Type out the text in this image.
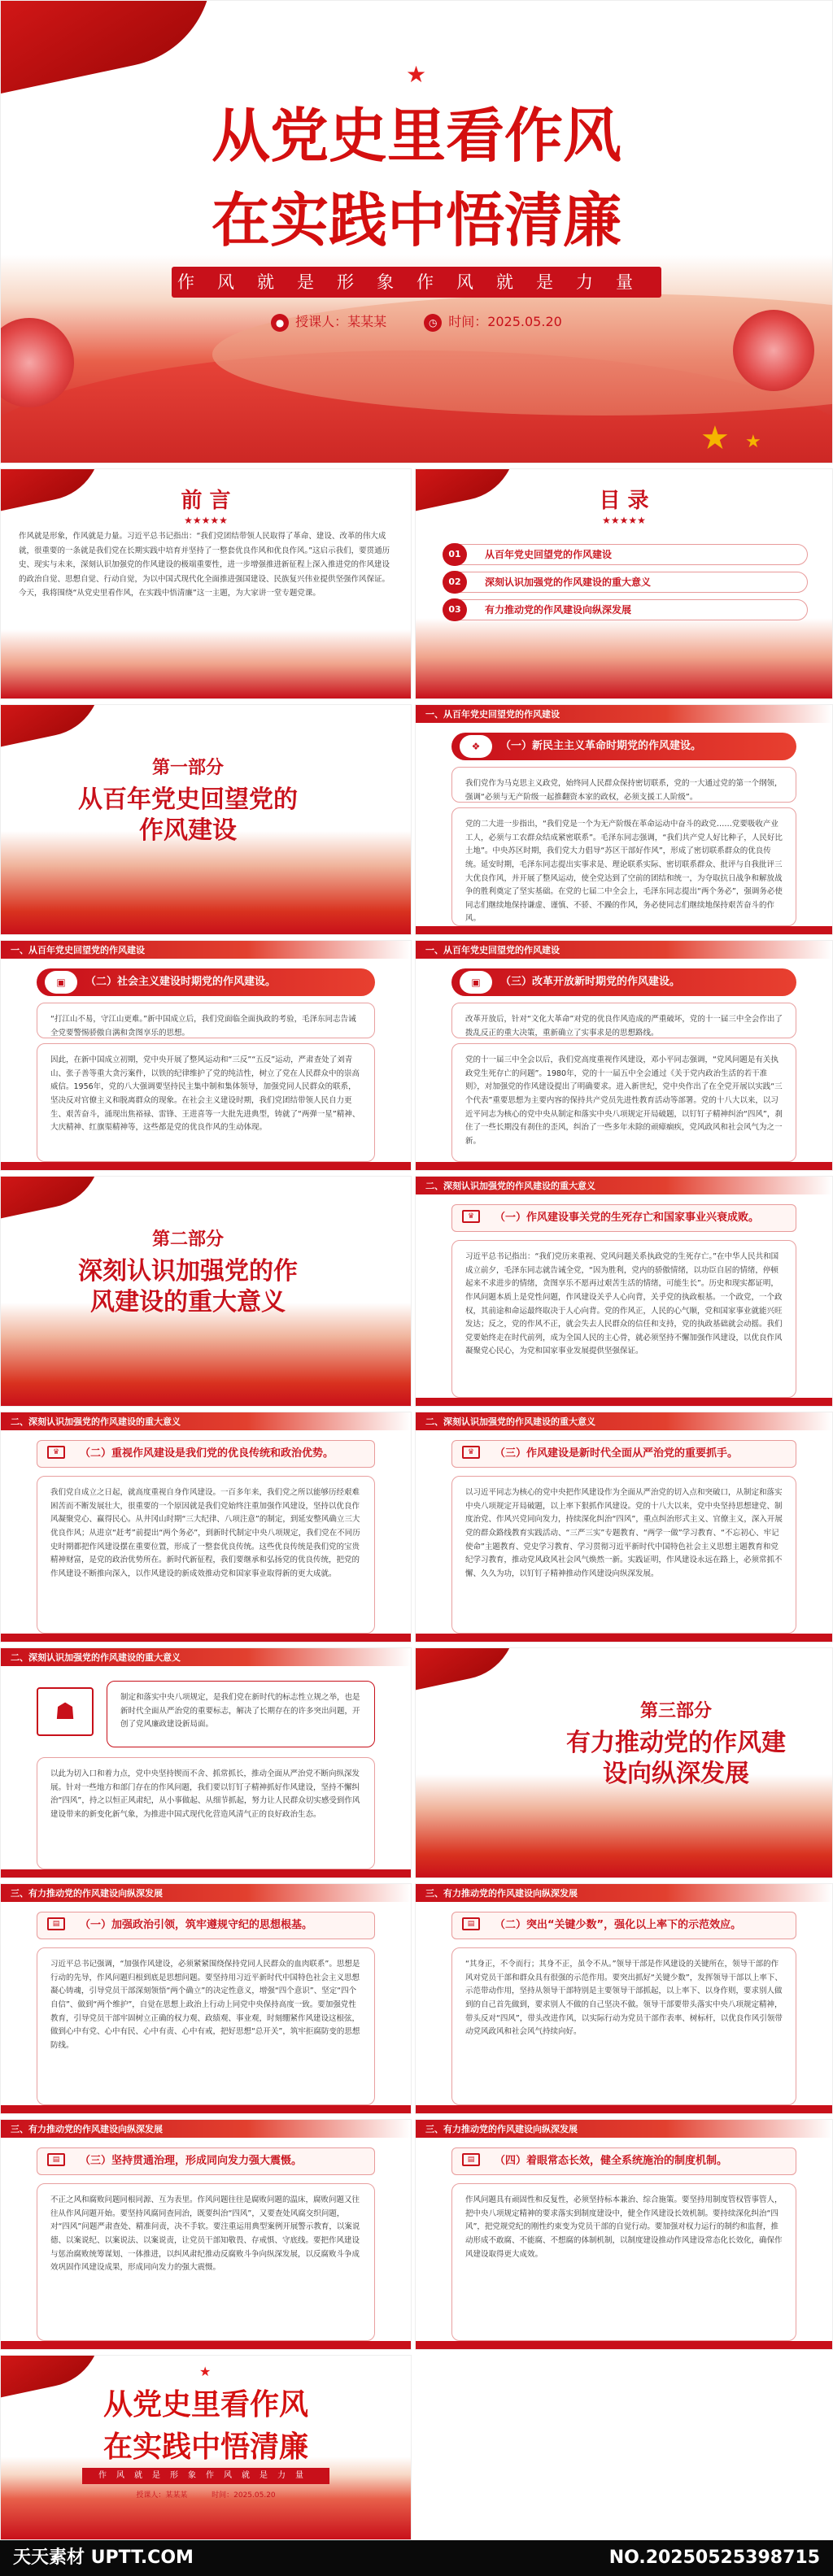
★ ★
★
从党史里看作风
在实践中悟清廉
作风就是形象作风就是力量
● 授课人：某某某	◷ 时间：2025.05.20
前 言
★★★★★
作风就是形象，作风就是力量。习近平总书记指出：“我们党团结带领人民取得了革命、建设、改革的伟大成就，很重要的一条就是我们党在长期实践中培育并坚持了一整套优良作风和优良作风。”这启示我们，要贯通历史、现实与未来，深刻认识加强党的作风建设的极端重要性，进一步增强推进新征程上深入推进党的作风建设的政治自觉、思想自觉、行动自觉，为以中国式现代化全面推进强国建设、民族复兴伟业提供坚强作风保证。今天，我将围绕“从党史里看作风，在实践中悟清廉”这一主题，为大家讲一堂专题党课。
目 录
★★★★★
01	从百年党史回望党的作风建设
02	深刻认识加强党的作风建设的重大意义
03	有力推动党的作风建设向纵深发展
第一部分
从百年党史回望党的
作风建设
一、从百年党史回望党的作风建设
❖	（一）新民主主义革命时期党的作风建设。
我们党作为马克思主义政党，始终同人民群众保持密切联系，党的一大通过党的第一个纲领，强调“必须与无产阶级一起推翻资本家的政权，必须支援工人阶级”。
党的二大进一步指出，“我们党是一个为无产阶级在革命运动中奋斗的政党……党要吸收产业工人，必须与工农群众结成紧密联系”。毛泽东同志强调，“我们共产党人好比种子，人民好比土地”。中央苏区时期，我们党大力倡导“苏区干部好作风”，形成了密切联系群众的优良传统。延安时期，毛泽东同志提出实事求是、理论联系实际、密切联系群众、批评与自我批评三大优良作风，并开展了整风运动，使全党达到了空前的团结和统一，为夺取抗日战争和解放战争的胜利奠定了坚实基础。在党的七届二中全会上，毛泽东同志提出“两个务必”，强调务必使同志们继续地保持谦虚、谨慎、不骄、不躁的作风，务必使同志们继续地保持艰苦奋斗的作风。
一、从百年党史回望党的作风建设
▣	（二）社会主义建设时期党的作风建设。
“打江山不易，守江山更难。”新中国成立后，我们党面临全面执政的考验，毛泽东同志告诫全党要警惕骄傲自满和贪图享乐的思想。
因此，在新中国成立初期，党中央开展了整风运动和“三反”“五反”运动，严肃查处了刘青山、张子善等重大贪污案件，以铁的纪律维护了党的纯洁性，树立了党在人民群众中的崇高威信。1956年，党的八大强调要坚持民主集中制和集体领导，加强党同人民群众的联系，坚决反对官僚主义和脱离群众的现象。在社会主义建设时期，我们党团结带领人民自力更生、艰苦奋斗，涌现出焦裕禄、雷锋、王进喜等一大批先进典型，铸就了“两弹一星”精神、大庆精神、红旗渠精神等，这些都是党的优良作风的生动体现。
一、从百年党史回望党的作风建设
▣	（三）改革开放新时期党的作风建设。
改革开放后，针对“文化大革命”对党的优良作风造成的严重破坏，党的十一届三中全会作出了拨乱反正的重大决策，重新确立了实事求是的思想路线。
党的十一届三中全会以后，我们党高度重视作风建设，邓小平同志强调，“党风问题是有关执政党生死存亡的问题”。1980年，党的十一届五中全会通过《关于党内政治生活的若干准则》，对加强党的作风建设提出了明确要求。进入新世纪，党中央作出了在全党开展以实践“三个代表”重要思想为主要内容的保持共产党员先进性教育活动等部署。党的十八大以来，以习近平同志为核心的党中央从制定和落实中央八项规定开局破题，以钉钉子精神纠治“四风”，刹住了一些长期没有刹住的歪风，纠治了一些多年未除的顽瘴痼疾，党风政风和社会风气为之一新。
第二部分
深刻认识加强党的作
风建设的重大意义
二、深刻认识加强党的作风建设的重大意义
♛	（一）作风建设事关党的生死存亡和国家事业兴衰成败。
习近平总书记指出：“我们党历来重视、党风问题关系执政党的生死存亡。”在中华人民共和国成立前夕，毛泽东同志就告诫全党，“因为胜利，党内的骄傲情绪，以功臣自居的情绪，停顿起来不求进步的情绪，贪图享乐不愿再过艰苦生活的情绪，可能生长”。历史和现实都证明，作风问题本质上是党性问题，作风建设关乎人心向背，关乎党的执政根基。一个政党，一个政权，其前途和命运最终取决于人心向背。党的作风正，人民的心气顺，党和国家事业就能兴旺发达；反之，党的作风不正，就会失去人民群众的信任和支持，党的执政基础就会动摇。我们党要始终走在时代前列，成为全国人民的主心骨，就必须坚持不懈加强作风建设，以优良作风凝聚党心民心，为党和国家事业发展提供坚强保证。
二、深刻认识加强党的作风建设的重大意义
♛	（二）重视作风建设是我们党的优良传统和政治优势。
我们党自成立之日起，就高度重视自身作风建设。一百多年来，我们党之所以能够历经艰难困苦而不断发展壮大，很重要的一个原因就是我们党始终注重加强作风建设，坚持以优良作风凝聚党心、赢得民心。从井冈山时期“三大纪律、八项注意”的制定，到延安整风确立三大优良作风；从进京“赶考”前提出“两个务必”，到新时代制定中央八项规定，我们党在不同历史时期都把作风建设摆在重要位置，形成了一整套优良传统。这些优良传统是我们党的宝贵精神财富，是党的政治优势所在。新时代新征程，我们要继承和弘扬党的优良传统，把党的作风建设不断推向深入，以作风建设的新成效推动党和国家事业取得新的更大成就。
二、深刻认识加强党的作风建设的重大意义
♛	（三）作风建设是新时代全面从严治党的重要抓手。
以习近平同志为核心的党中央把作风建设作为全面从严治党的切入点和突破口，从制定和落实中央八项规定开局破题，以上率下狠抓作风建设。党的十八大以来，党中央坚持思想建党、制度治党、作风兴党同向发力，持续深化纠治“四风”，重点纠治形式主义、官僚主义，深入开展党的群众路线教育实践活动、“三严三实”专题教育、“两学一做”学习教育、“不忘初心、牢记使命”主题教育、党史学习教育、学习贯彻习近平新时代中国特色社会主义思想主题教育和党纪学习教育，推动党风政风社会风气焕然一新。实践证明，作风建设永远在路上，必须常抓不懈、久久为功，以钉钉子精神推动作风建设向纵深发展。
二、深刻认识加强党的作风建设的重大意义
☗
制定和落实中央八项规定，是我们党在新时代的标志性立规之举，也是新时代全面从严治党的重要标志，解决了长期存在的许多突出问题，开创了党风廉政建设新局面。
以此为切入口和着力点，党中央坚持锲而不舍、抓常抓长，推动全面从严治党不断向纵深发展。针对一些地方和部门存在的作风问题，我们要以钉钉子精神抓好作风建设，坚持不懈纠治“四风”，持之以恒正风肃纪，从小事做起、从细节抓起，努力让人民群众切实感受到作风建设带来的新变化新气象，为推进中国式现代化营造风清气正的良好政治生态。
第三部分
有力推动党的作风建
设向纵深发展
三、有力推动党的作风建设向纵深发展
▤	（一）加强政治引领，筑牢遵规守纪的思想根基。
习近平总书记强调，“加强作风建设，必须紧紧围绕保持党同人民群众的血肉联系”。思想是行动的先导，作风问题归根到底是思想问题。要坚持用习近平新时代中国特色社会主义思想凝心铸魂，引导党员干部深刻领悟“两个确立”的决定性意义，增强“四个意识”、坚定“四个自信”、做到“两个维护”，自觉在思想上政治上行动上同党中央保持高度一致。要加强党性教育，引导党员干部牢固树立正确的权力观、政绩观、事业观，时刻绷紧作风建设这根弦，做到心中有党、心中有民、心中有责、心中有戒，把好思想“总开关”，筑牢拒腐防变的思想防线。
三、有力推动党的作风建设向纵深发展
▤	（二）突出“关键少数”，强化以上率下的示范效应。
“其身正，不令而行；其身不正，虽令不从。”领导干部是作风建设的关键所在，领导干部的作风对党员干部和群众具有很强的示范作用。要突出抓好“关键少数”，发挥领导干部以上率下、示范带动作用，坚持从领导干部特别是主要领导干部抓起，以上率下、以身作则，要求别人做到的自己首先做到，要求别人不做的自己坚决不做。领导干部要带头落实中央八项规定精神，带头反对“四风”，带头改进作风，以实际行动为党员干部作表率、树标杆，以优良作风引领带动党风政风和社会风气持续向好。
三、有力推动党的作风建设向纵深发展
▤	（三）坚持贯通治理，形成同向发力强大震慑。
不正之风和腐败问题同根同源、互为表里。作风问题往往是腐败问题的温床，腐败问题又往往从作风问题开始。要坚持风腐同查同治，既要纠治“四风”，又要查处风腐交织问题，对“四风”问题严肃查处、精准问责，决不手软。要注重运用典型案例开展警示教育，以案说德、以案说纪、以案说法、以案说责，让党员干部知敬畏、存戒惧、守底线。要把作风建设与惩治腐败统筹谋划、一体推进，以纠风肃纪推动反腐败斗争向纵深发展，以反腐败斗争成效巩固作风建设成果，形成同向发力的强大震慑。
三、有力推动党的作风建设向纵深发展
▤	（四）着眼常态长效，健全系统施治的制度机制。
作风问题具有顽固性和反复性，必须坚持标本兼治、综合施策。要坚持用制度管权管事管人，把中央八项规定精神的要求落实到制度建设中，健全作风建设长效机制。要持续深化纠治“四风”，把党规党纪的刚性约束变为党员干部的自觉行动。要加强对权力运行的制约和监督，推动形成不敢腐、不能腐、不想腐的体制机制，以制度建设推动作风建设常态化长效化，确保作风建设取得更大成效。
★
从党史里看作风
在实践中悟清廉
作风就是形象作风就是力量
授课人：某某某	时间：2025.05.20
天天素材 UPTT.COM	NO.20250525398715
